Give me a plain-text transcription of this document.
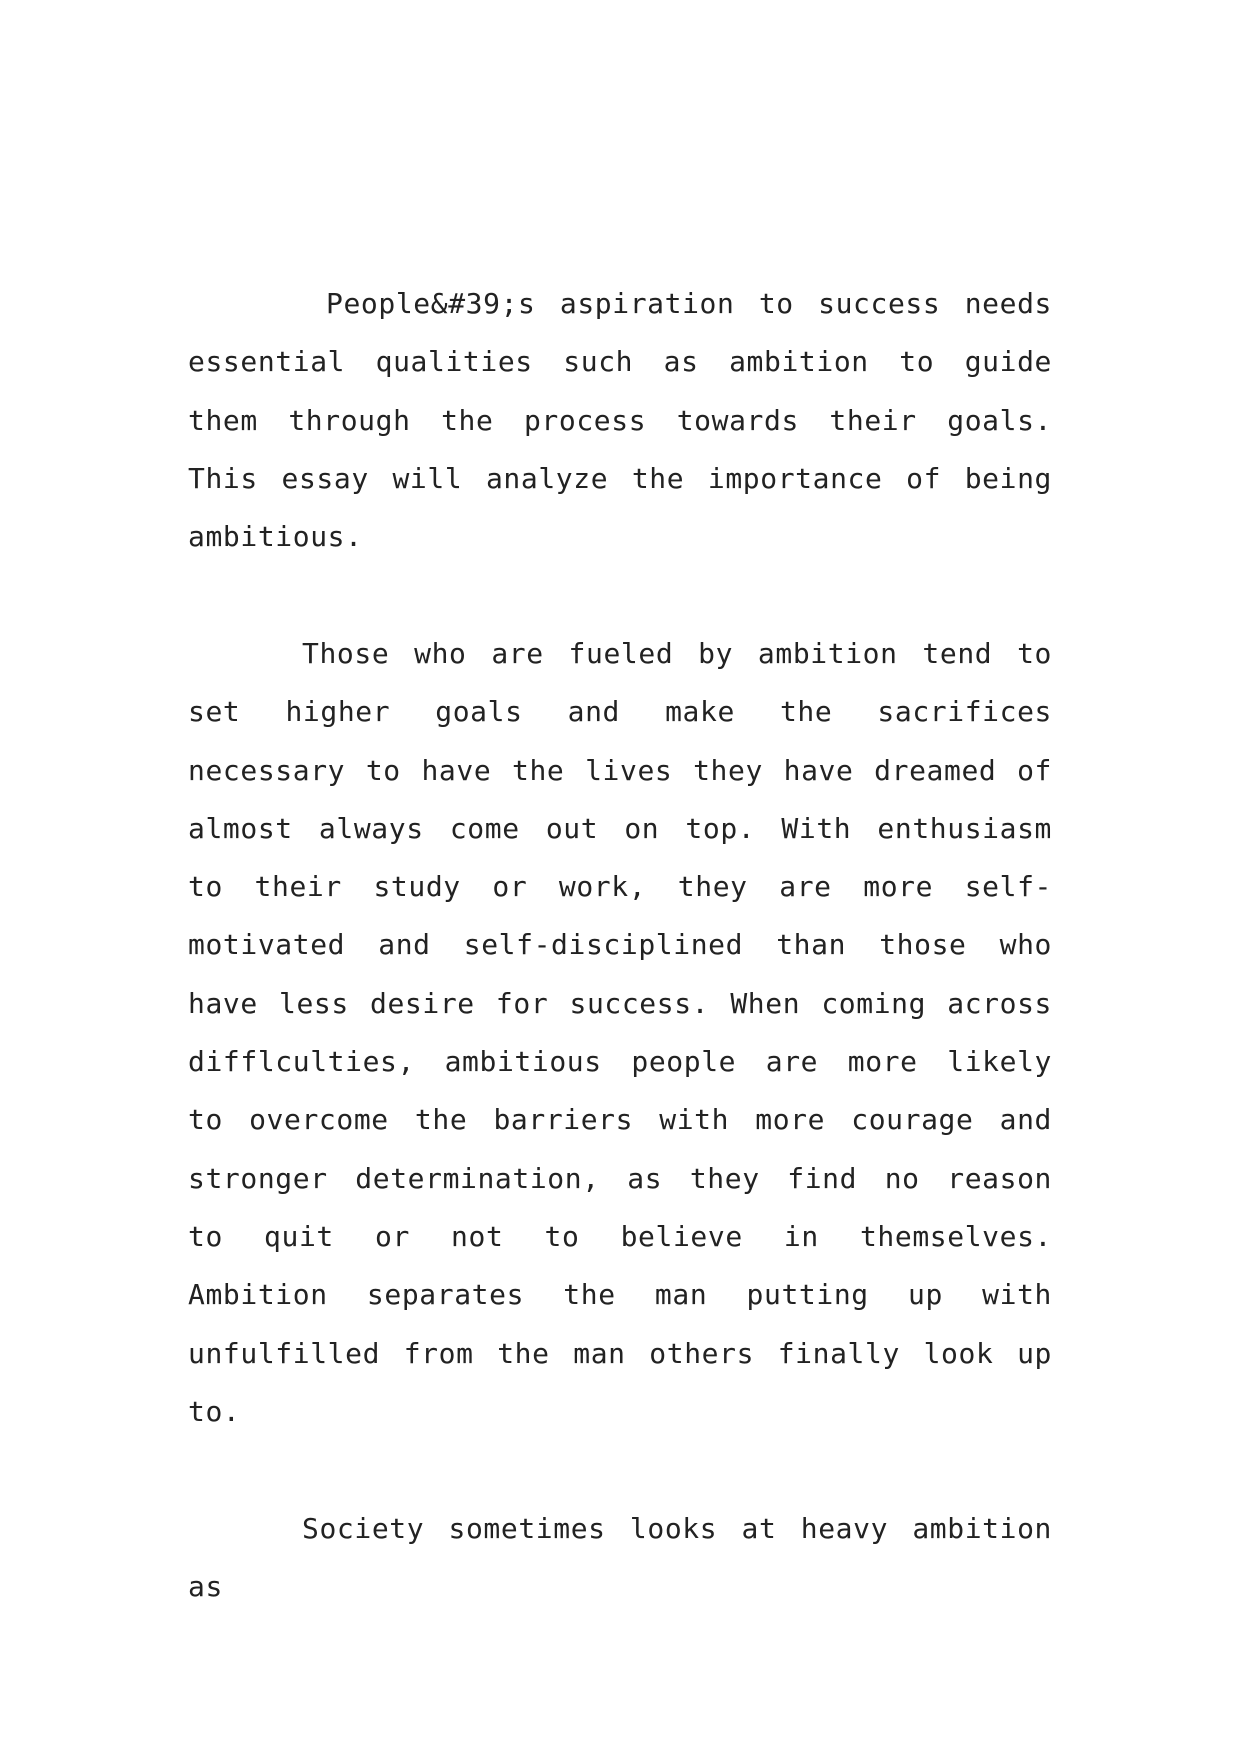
People&#39;s aspiration to success needs essential qualities such as ambition to guide them through the process towards their goals. This essay will analyze the importance of being ambitious.

Those who are fueled by ambition tend to set higher goals and make the sacrifices necessary to have the lives they have dreamed of almost always come out on top. With enthusiasm to their study or work, they are more self-motivated and self-disciplined than those who have less desire for success. When coming across difflculties, ambitious people are more likely to overcome the barriers with more courage and stronger determination, as they find no reason to quit or not to believe in themselves. Ambition separates the man putting up with unfulfilled from the man others finally look up to.

Society sometimes looks at heavy ambition as
